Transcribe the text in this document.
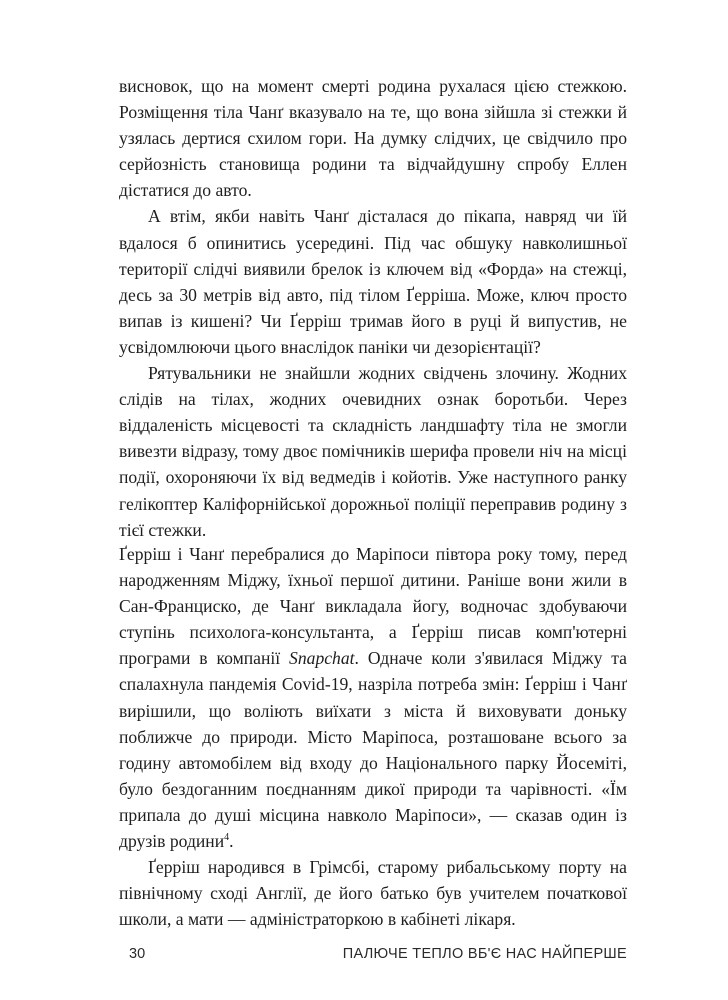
висновок, що на момент смерті родина рухалася цією стежкою. Розміщення тіла Чанґ вказувало на те, що вона зійшла зі стежки й узялась дертися схилом гори. На думку слідчих, це свідчило про серйозність становища родини та відчайдушну спробу Еллен дістатися до авто.

А втім, якби навіть Чанґ дісталася до пікапа, навряд чи їй вдалося б опинитись усередині. Під час обшуку навколишньої території слідчі виявили брелок із ключем від «Форда» на стежці, десь за 30 метрів від авто, під тілом Ґерріша. Може, ключ просто випав із кишені? Чи Ґерріш тримав його в руці й випустив, не усвідомлюючи цього внаслідок паніки чи дезорієнтації?

Рятувальники не знайшли жодних свідчень злочину. Жодних слідів на тілах, жодних очевидних ознак боротьби. Через віддаленість місцевості та складність ландшафту тіла не змогли вивезти відразу, тому двоє помічників шерифа провели ніч на місці події, охороняючи їх від ведмедів і койотів. Уже наступного ранку гелікоптер Каліфорнійської дорожньої поліції переправив родину з тієї стежки.

Ґерріш і Чанґ перебралися до Маріпоси півтора року тому, перед народженням Міджу, їхньої першої дитини. Раніше вони жили в Сан-Франциско, де Чанґ викладала йогу, водночас здобуваючи ступінь психолога-консультанта, а Ґерріш писав комп'ютерні програми в компанії Snapchat. Одначе коли з'явилася Міджу та спалахнула пандемія Covid-19, назріла потреба змін: Ґерріш і Чанґ вирішили, що воліють виїхати з міста й виховувати доньку поближче до природи. Місто Маріпоса, розташоване всього за годину автомобілем від входу до Національного парку Йосеміті, було бездоганним поєднанням дикої природи та чарівності. «Їм припала до душі місцина навколо Маріпоси», — сказав один із друзів родини$^4$.

Ґерріш народився в Грімсбі, старому рибальському порту на північному сході Англії, де його батько був учителем початкової школи, а мати — адміністраторкою в кабінеті лікаря.

30	ПАЛЮЧЕ ТЕПЛО ВБ'Є НАС НАЙПЕРШЕ
